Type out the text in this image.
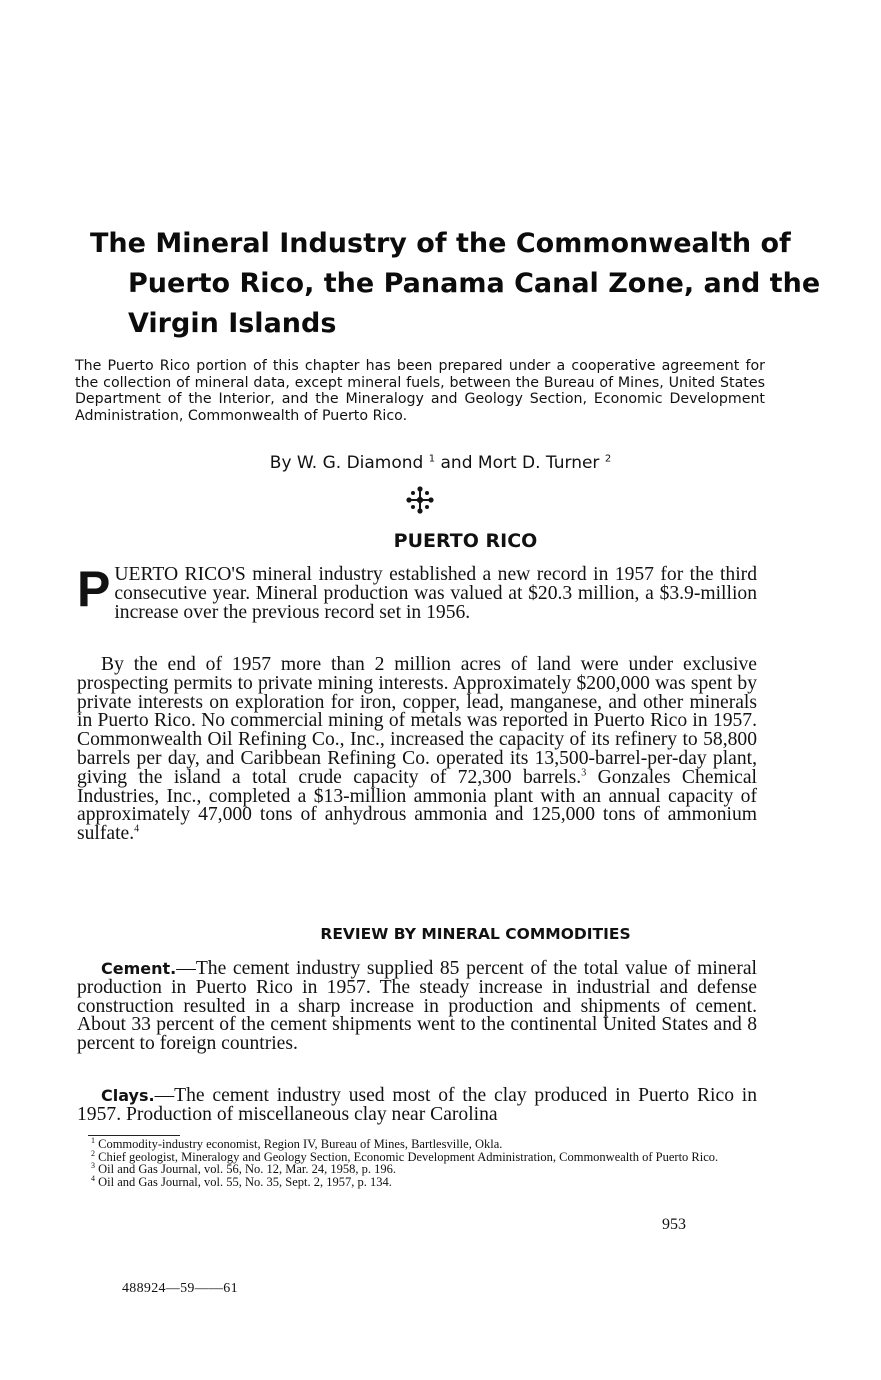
The Mineral Industry of the Commonwealth of
Puerto Rico, the Panama Canal Zone, and the
Virgin Islands
The Puerto Rico portion of this chapter has been prepared under a cooperative agreement for the collection of mineral data, except mineral fuels, between the Bureau of Mines, United States Department of the Interior, and the Mineralogy and Geology Section, Economic Development Administration, Commonwealth of Puerto Rico.
By W. G. Diamond $^1$ and Mort D. Turner $^2$
PUERTO RICO

PUERTO RICO'S mineral industry established a new record in 1957 for the third consecutive year. Mineral production was valued at $20.3 million, a $3.9-million increase over the previous record set in 1956.

By the end of 1957 more than 2 million acres of land were under exclusive prospecting permits to private mining interests. Approximately $200,000 was spent by private interests on exploration for iron, copper, lead, manganese, and other minerals in Puerto Rico. No commercial mining of metals was reported in Puerto Rico in 1957. Commonwealth Oil Refining Co., Inc., increased the capacity of its refinery to 58,800 barrels per day, and Caribbean Refining Co. operated its 13,500-barrel-per-day plant, giving the island a total crude capacity of 72,300 barrels.$^3$ Gonzales Chemical Industries, Inc., completed a $13-million ammonia plant with an annual capacity of approximately 47,000 tons of anhydrous ammonia and 125,000 tons of ammonium sulfate.$^4$

REVIEW BY MINERAL COMMODITIES

Cement.—The cement industry supplied 85 percent of the total value of mineral production in Puerto Rico in 1957. The steady increase in industrial and defense construction resulted in a sharp increase in production and shipments of cement. About 33 percent of the cement shipments went to the continental United States and 8 percent to foreign countries.

Clays.—The cement industry used most of the clay produced in Puerto Rico in 1957. Production of miscellaneous clay near Carolina

$^1$ Commodity-industry economist, Region IV, Bureau of Mines, Bartlesville, Okla.
$^2$ Chief geologist, Mineralogy and Geology Section, Economic Development Administration, Commonwealth of Puerto Rico.
$^3$ Oil and Gas Journal, vol. 56, No. 12, Mar. 24, 1958, p. 196.
$^4$ Oil and Gas Journal, vol. 55, No. 35, Sept. 2, 1957, p. 134.
953
488924—59——61
